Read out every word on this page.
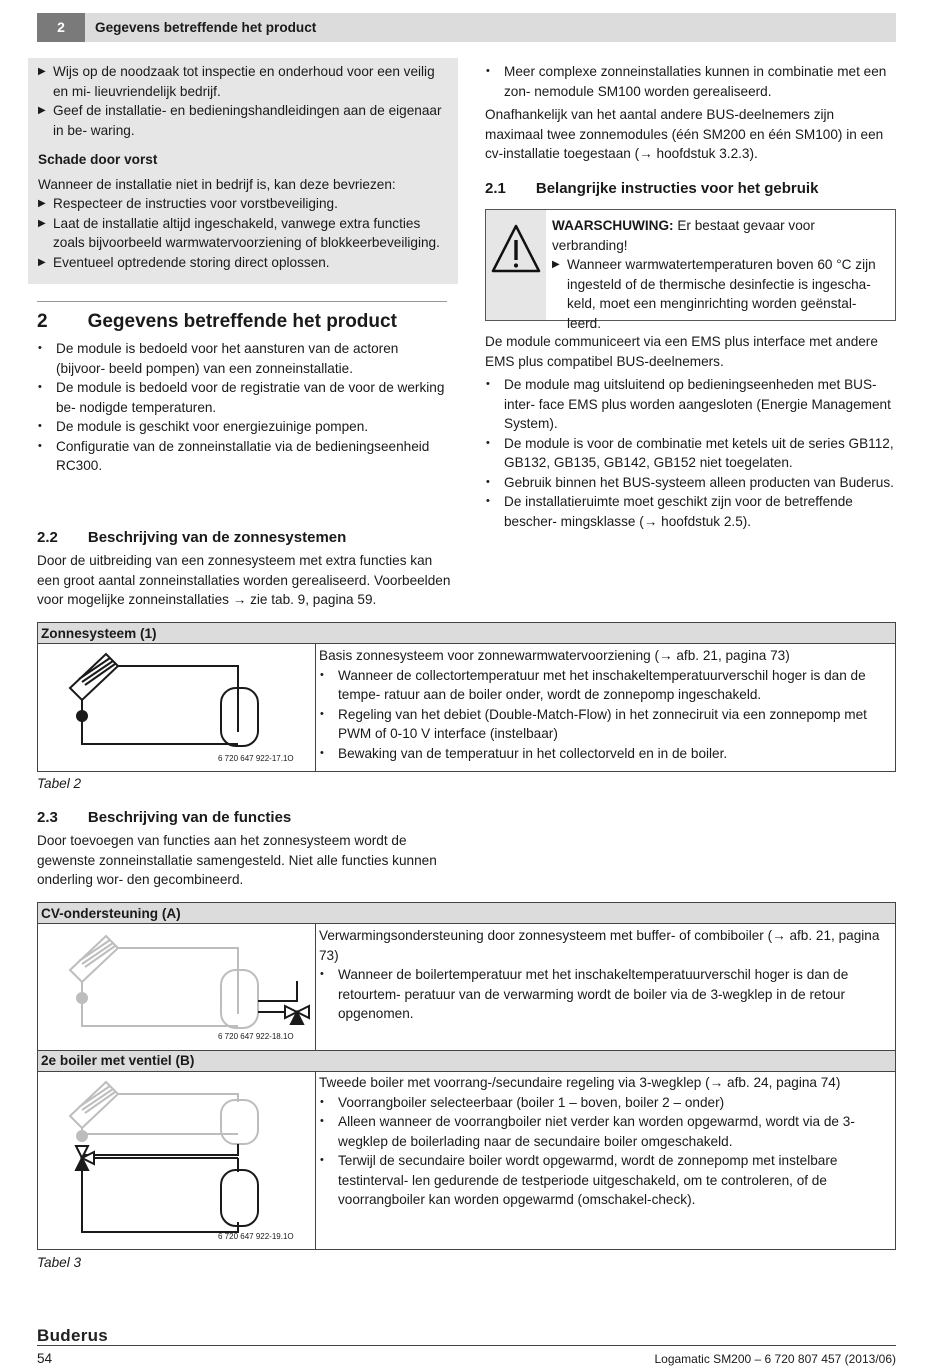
2	Gegevens betreffende het product
▶ Wijs op de noodzaak tot inspectie en onderhoud voor een veilig en mi- lieuvriendelijk bedrijf.
▶ Geef de installatie- en bedieningshandleidingen aan de eigenaar in be- waring.
Schade door vorst
Wanneer de installatie niet in bedrijf is, kan deze bevriezen:
▶ Respecteer de instructies voor vorstbeveiliging.
▶ Laat de installatie altijd ingeschakeld, vanwege extra functies zoals bijvoorbeeld warmwatervoorziening of blokkeerbeveiliging.
▶ Eventueel optredende storing direct oplossen.
2 Gegevens betreffende het product
• De module is bedoeld voor het aansturen van de actoren (bijvoor- beeld pompen) van een zonneinstallatie.
• De module is bedoeld voor de registratie van de voor de werking be- nodigde temperaturen.
• De module is geschikt voor energiezuinige pompen.
• Configuratie van de zonneinstallatie via de bedieningseenheid RC300.
• Meer complexe zonneinstallaties kunnen in combinatie met een zon- nemodule SM100 worden gerealiseerd.
Onafhankelijk van het aantal andere BUS-deelnemers zijn maximaal twee zonnemodules (één SM200 en één SM100) in een cv-installatie toegestaan (→ hoofdstuk 3.2.3).
2.1 Belangrijke instructies voor het gebruik
WAARSCHUWING: Er bestaat gevaar voor verbranding!
▶ Wanneer warmwatertemperaturen boven 60 °C zijn ingesteld of de thermische desinfectie is ingescha- keld, moet een menginrichting worden geënstal- leerd.
De module communiceert via een EMS plus interface met andere EMS plus compatibel BUS-deelnemers.
• De module mag uitsluitend op bedieningseenheden met BUS-inter- face EMS plus worden aangesloten (Energie Management System).
• De module is voor de combinatie met ketels uit de series GB112, GB132, GB135, GB142, GB152 niet toegelaten.
• Gebruik binnen het BUS-systeem alleen producten van Buderus.
• De installatieruimte moet geschikt zijn voor de betreffende bescher- mingsklasse (→ hoofdstuk 2.5).
2.2 Beschrijving van de zonnesystemen
Door de uitbreiding van een zonnesysteem met extra functies kan een groot aantal zonneinstallaties worden gerealiseerd. Voorbeelden voor mogelijke zonneinstallaties → zie tab. 9, pagina 59.
Zonnesysteem (1)
6 720 647 922-17.1O
Basis zonnesysteem voor zonnewarmwatervoorziening (→ afb. 21, pagina 73)
• Wanneer de collectortemperatuur met het inschakeltemperatuurverschil hoger is dan de tempe- ratuur aan de boiler onder, wordt de zonnepomp ingeschakeld.
• Regeling van het debiet (Double-Match-Flow) in het zonneciruit via een zonnepomp met PWM of 0-10 V interface (instelbaar)
• Bewaking van de temperatuur in het collectorveld en in de boiler.
Tabel 2
2.3 Beschrijving van de functies
Door toevoegen van functies aan het zonnesysteem wordt de gewenste zonneinstallatie samengesteld. Niet alle functies kunnen onderling wor- den gecombineerd.
CV-ondersteuning (A)
6 720 647 922-18.1O
Verwarmingsondersteuning door zonnesysteem met buffer- of combiboiler (→ afb. 21, pagina 73)
• Wanneer de boilertemperatuur met het inschakeltemperatuurverschil hoger is dan de retourtem- peratuur van de verwarming wordt de boiler via de 3-wegklep in de retour opgenomen.
2e boiler met ventiel (B)
6 720 647 922-19.1O
Tweede boiler met voorrang-/secundaire regeling via 3-wegklep (→ afb. 24, pagina 74)
• Voorrangboiler selecteerbaar (boiler 1 – boven, boiler 2 – onder)
• Alleen wanneer de voorrangboiler niet verder kan worden opgewarmd, wordt via de 3-wegklep de boilerlading naar de secundaire boiler omgeschakeld.
• Terwijl de secundaire boiler wordt opgewarmd, wordt de zonnepomp met instelbare testinterval- len gedurende de testperiode uitgeschakeld, om te controleren, of de voorrangboiler kan worden opgewarmd (omschakel-check).
Tabel 3
Buderus
54	Logamatic SM200 – 6 720 807 457 (2013/06)
